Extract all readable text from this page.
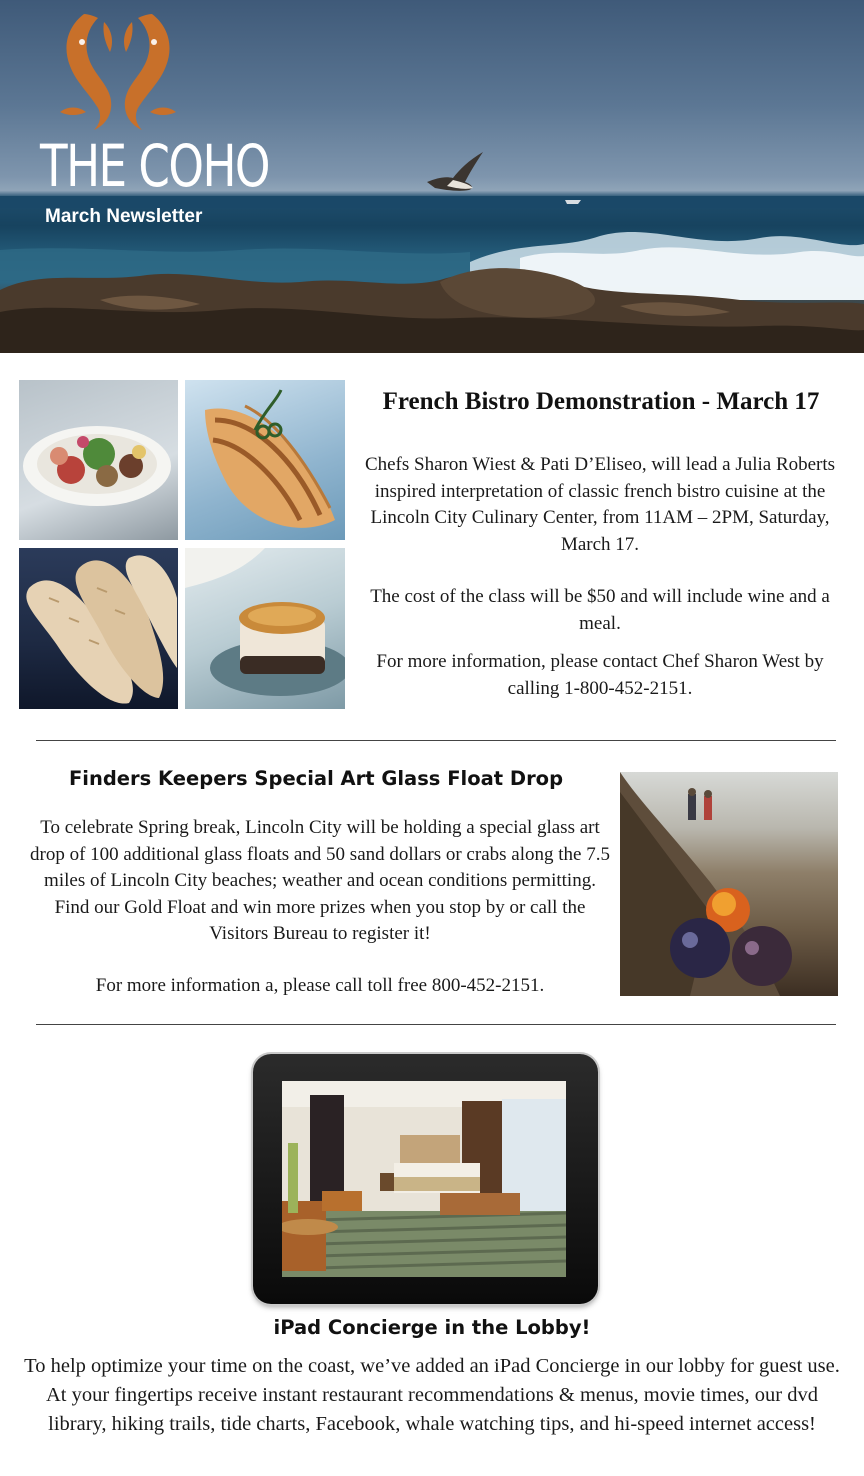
THE COHO
March Newsletter
French Bistro Demonstration - March 17

Chefs Sharon Wiest & Pati D’Eliseo, will lead a Julia Roberts inspired interpretation of classic french bistro cuisine at the Lincoln City Culinary Center, from 11AM – 2PM, Saturday, March 17.

The cost of the class will be $50 and will include wine and a meal.

For more information, please contact Chef Sharon West by calling 1-800-452-2151.

Finders Keepers Special Art Glass Float Drop

To celebrate Spring break, Lincoln City will be holding a special glass art drop of 100 additional glass floats and 50 sand dollars or crabs along the 7.5 miles of Lincoln City beaches; weather and ocean conditions permitting. Find our Gold Float and win more prizes when you stop by or call the Visitors Bureau to register it!

For more information a, please call toll free 800-452-2151.

iPad Concierge in the Lobby!

To help optimize your time on the coast, we’ve added an iPad Concierge in our lobby for guest use. At your fingertips receive instant restaurant recommendations & menus, movie times, our dvd library, hiking trails, tide charts, Facebook, whale watching tips, and hi-speed internet access!
